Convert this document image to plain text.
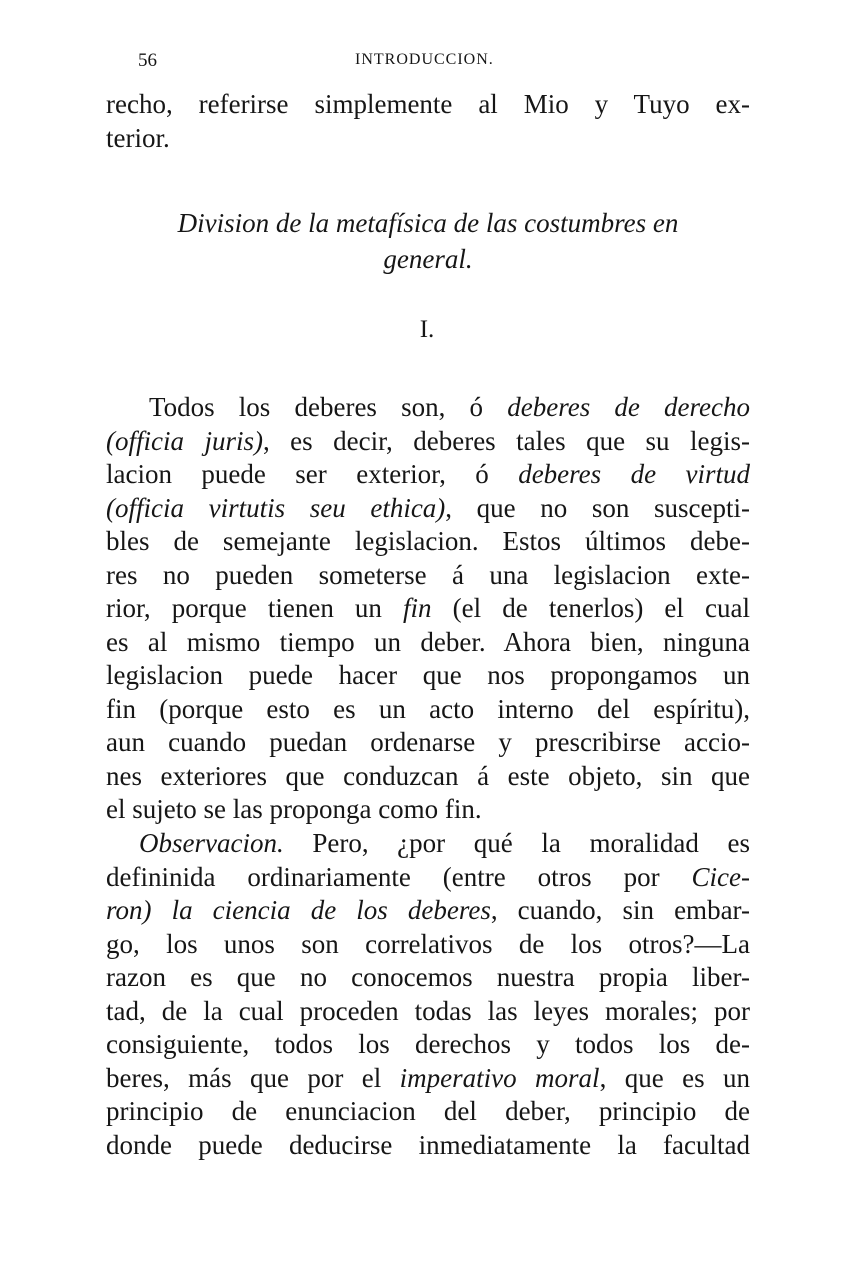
56	INTRODUCCION.
recho, referirse simplemente al Mio y Tuyo ex-
terior.
Division de la metafísica de las costumbres en
general.
I.
Todos los deberes son, ó deberes de derecho
(officia juris), es decir, deberes tales que su legis-
lacion puede ser exterior, ó deberes de virtud
(officia virtutis seu ethica), que no son suscepti-
bles de semejante legislacion. Estos últimos debe-
res no pueden someterse á una legislacion exte-
rior, porque tienen un fin (el de tenerlos) el cual
es al mismo tiempo un deber. Ahora bien, ninguna
legislacion puede hacer que nos propongamos un
fin (porque esto es un acto interno del espíritu),
aun cuando puedan ordenarse y prescribirse accio-
nes exteriores que conduzcan á este objeto, sin que
el sujeto se las proponga como fin.
Observacion. Pero, ¿por qué la moralidad es
defininida ordinariamente (entre otros por Cice-
ron) la ciencia de los deberes, cuando, sin embar-
go, los unos son correlativos de los otros?—La
razon es que no conocemos nuestra propia liber-
tad, de la cual proceden todas las leyes morales; por
consiguiente, todos los derechos y todos los de-
beres, más que por el imperativo moral, que es un
principio de enunciacion del deber, principio de
donde puede deducirse inmediatamente la facultad
